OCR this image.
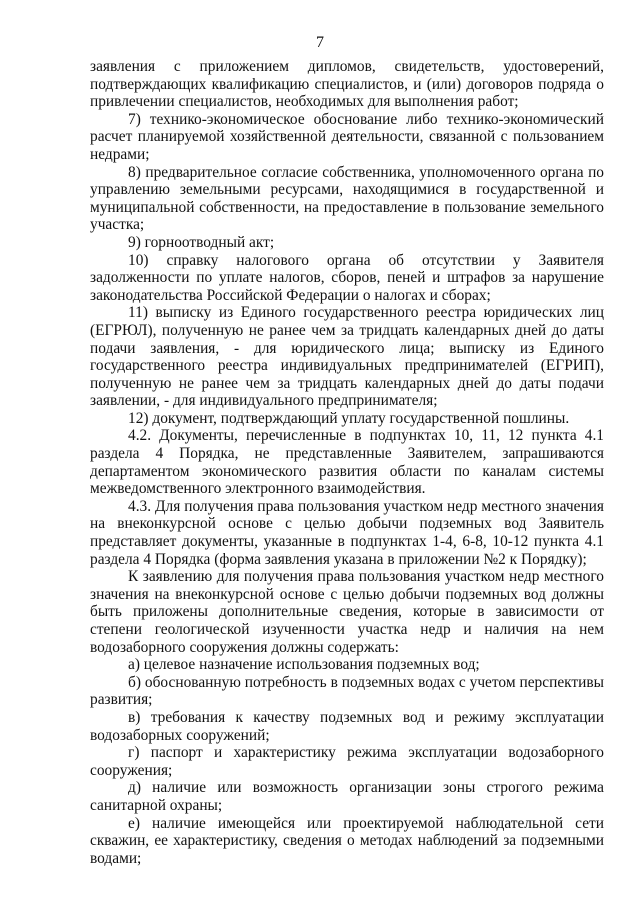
7

заявления с приложением дипломов, свидетельств, удостоверений, подтверждающих квалификацию специалистов, и (или) договоров подряда о привлечении специалистов, необходимых для выполнения работ;

7) технико-экономическое обоснование либо технико-экономический расчет планируемой хозяйственной деятельности, связанной с пользованием недрами;

8) предварительное согласие собственника, уполномоченного органа по управлению земельными ресурсами, находящимися в государственной и муниципальной собственности, на предоставление в пользование земельного участка;

9) горноотводный акт;

10) справку налогового органа об отсутствии у Заявителя задолженности по уплате налогов, сборов, пеней и штрафов за нарушение законодательства Российской Федерации о налогах и сборах;

11) выписку из Единого государственного реестра юридических лиц (ЕГРЮЛ), полученную не ранее чем за тридцать календарных дней до даты подачи заявления, - для юридического лица; выписку из Единого государственного реестра индивидуальных предпринимателей (ЕГРИП), полученную не ранее чем за тридцать календарных дней до даты подачи заявлении, - для индивидуального предпринимателя;

12) документ, подтверждающий уплату государственной пошлины.

4.2. Документы, перечисленные в подпунктах 10, 11, 12 пункта 4.1 раздела 4 Порядка, не представленные Заявителем, запрашиваются департаментом экономического развития области по каналам системы межведомственного электронного взаимодействия.

4.3. Для получения права пользования участком недр местного значения на внеконкурсной основе с целью добычи подземных вод Заявитель представляет документы, указанные в подпунктах 1-4, 6-8, 10-12 пункта 4.1 раздела 4 Порядка (форма заявления указана в приложении №2 к Порядку);

К заявлению для получения права пользования участком недр местного значения на внеконкурсной основе с целью добычи подземных вод должны быть приложены дополнительные сведения, которые в зависимости от степени геологической изученности участка недр и наличия на нем водозаборного сооружения должны содержать:

а) целевое назначение использования подземных вод;

б) обоснованную потребность в подземных водах с учетом перспективы развития;

в) требования к качеству подземных вод и режиму эксплуатации водозаборных сооружений;

г) паспорт и характеристику режима эксплуатации водозаборного сооружения;

д) наличие или возможность организации зоны строгого режима санитарной охраны;

е) наличие имеющейся или проектируемой наблюдательной сети скважин, ее характеристику, сведения о методах наблюдений за подземными водами;
